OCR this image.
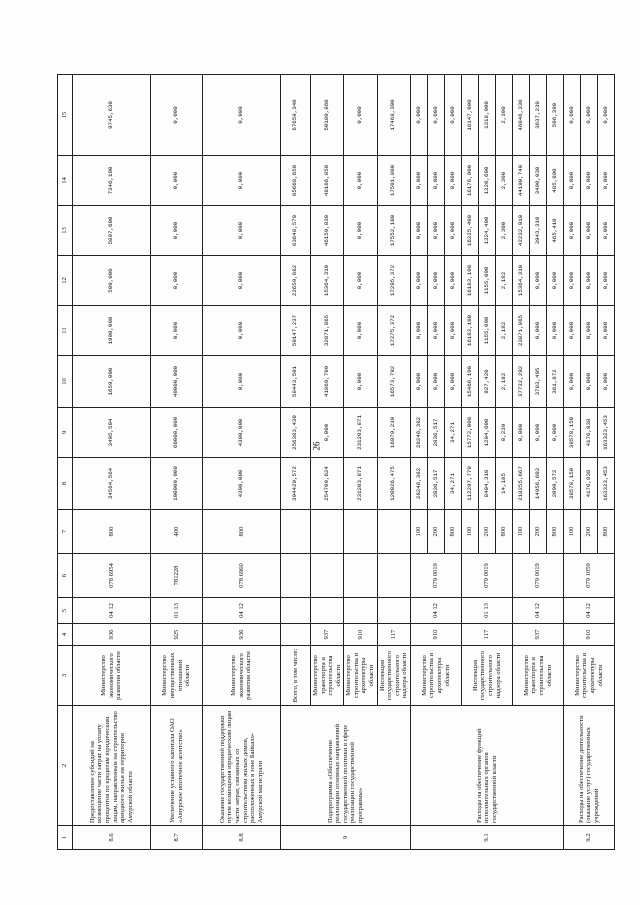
26
1	2	3	4	5	6	7	8	9	10	11	12	13	14	15
8.6	Предоставление субсидий на возмещение части затрат на уплату процентов по кредитам юридическим лицам, направленным на строительство арендного жилья на территории Амурской области	Министерство экономического развития области	936	04 12	078 6954	800	34564,564	3495,504	1659,000	1990,000	500,000	5897,600	7346,190	9745,630
8.7	Увеличение уставного капитала ОАО «Амурское ипотечное агентство»	Министерство имущественных отношений области	925	01 13	781228	400	100000,000	60000,000	40000,000	0,000	0,000	0,000	0,000	0,000
8.8	Оказание государственной поддержки путем возмещения юридическим лицам части затрат, связанных со строительством жилых домов, расположенных в зоне Байкало-Амурской магистрали	Министерство экономического развития области	936	04 12	078 6960	800	4300,000	4300,000	0,000	0,000	0,000	0,000	0,000	0,000
9	Подпрограмма «Обеспечение реализации основных направлений государственной политики в сфере реализации государственной программы»	Всего, в том числе:					394429,572	256383,430	58443,501	50147,237	22659,682	63648,570	65668,650	67658,340
		Министерство транспорта и строительства области	937				254709,624	0,000	41869,709	32871,865	15364,310	46159,830	48166,850	50180,860
		Министерство строительства и архитектуры области	910				231203,871	231203,871	0,000	0,000	0,000	0,000	0,000	0,000
		Инспекция государственного строительного надзора области	117				120026,475	16979,239	16573,792	17275,372	17295,372	17552,100	17501,800	17468,300
9.1	Расходы на обеспечение функций исполнительных органов государственной власти	Министерство строительства и архитектуры области	910	04 12	079 0019	100	28246,382	28246,382	0,000	0,000	0,000	0,000	0,000	0,000
						200	2836,517	2836,517	0,000	0,000	0,000	0,000	0,000	0,000
						800	34,271	34,271	0,000	0,000	0,000	0,000	0,000	0,000
		Инспекция государственного строительного надзора области	117	01 13	079 0019	100	112297,770	15772,000	15466,100	16183,100	16183,100	16225,400	16176,900	16147,000
						200	8404,310	1204,600	927,420	1155,090	1155,090	1324,400	1320,600	1318,900
						800	14,185	0,239	2,182	2,182	2,182	2,300	2,300	2,300
		Министерство транспорта и строительства области	937	04 12	079 0019	100	218255,667	0,000	37732,292	23871,865	15364,310	42232,910	44190,740	46046,330
						200	14956,603	0,000	3783,495	0,000	0,000	3943,310	3490,030	3637,230
						800	2099,572	0,000	361,872	0,000	0,000	465,410	485,890	506,390
9.2	Расходы на обеспечение деятельности (оказание услуг) государственных учреждений	Министерство строительства и архитектуры области	910	04 12	079 1059	100	38578,150	38578,150	0,000	0,000	0,000	0,000	0,000	0,000
						200	4176,838	4176,838	0,000	0,000	0,000	0,000	0,000	0,000
						800	163323,453	163323,453	0,000	0,000	0,000	0,000	0,000	0,000
